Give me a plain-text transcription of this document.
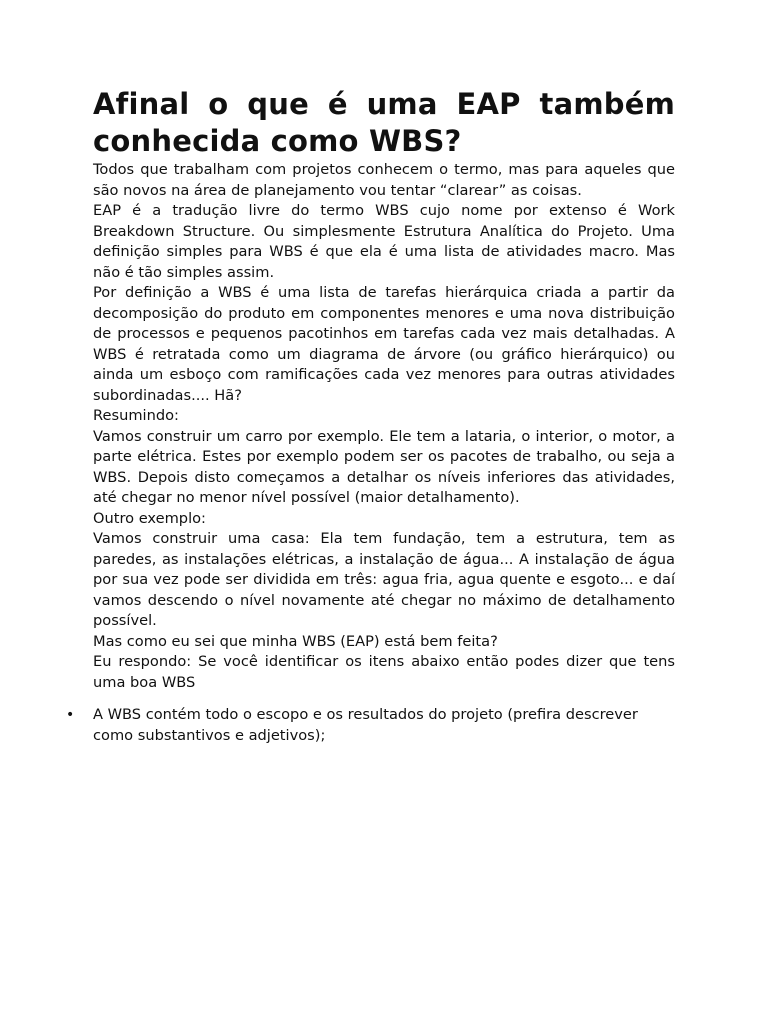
Afinal o que é uma EAP também conhecida como WBS?

Todos que trabalham com projetos conhecem o termo, mas para aqueles que são novos na área de planejamento vou tentar “clarear” as coisas.

EAP é a tradução livre do termo WBS cujo nome por extenso é Work Breakdown Structure. Ou simplesmente Estrutura Analítica do Projeto. Uma definição simples para WBS é que ela é uma lista de atividades macro. Mas não é tão simples assim.

Por definição a WBS é uma lista de tarefas hierárquica criada a partir da decomposição do produto em componentes menores e uma nova distribuição de processos e pequenos pacotinhos em tarefas cada vez mais detalhadas. A WBS é retratada como um diagrama de árvore (ou gráfico hierárquico) ou ainda um esboço com ramificações cada vez menores para outras atividades subordinadas.... Hã?

Resumindo:

Vamos construir um carro por exemplo. Ele tem a lataria, o interior, o motor, a parte elétrica. Estes por exemplo podem ser os pacotes de trabalho, ou seja a WBS. Depois disto começamos a detalhar os níveis inferiores das atividades, até chegar no menor nível possível (maior detalhamento).

Outro exemplo:

Vamos construir uma casa: Ela tem fundação, tem a estrutura, tem as paredes, as instalações elétricas, a instalação de água... A instalação de água por sua vez pode ser dividida em três: agua fria, agua quente e esgoto... e daí vamos descendo o nível novamente até chegar no máximo de detalhamento possível.

Mas como eu sei que minha WBS (EAP) está bem feita?

Eu respondo: Se você identificar os itens abaixo então podes dizer que tens uma boa WBS

• A WBS contém todo o escopo e os resultados do projeto (prefira descrever como substantivos e adjetivos);
